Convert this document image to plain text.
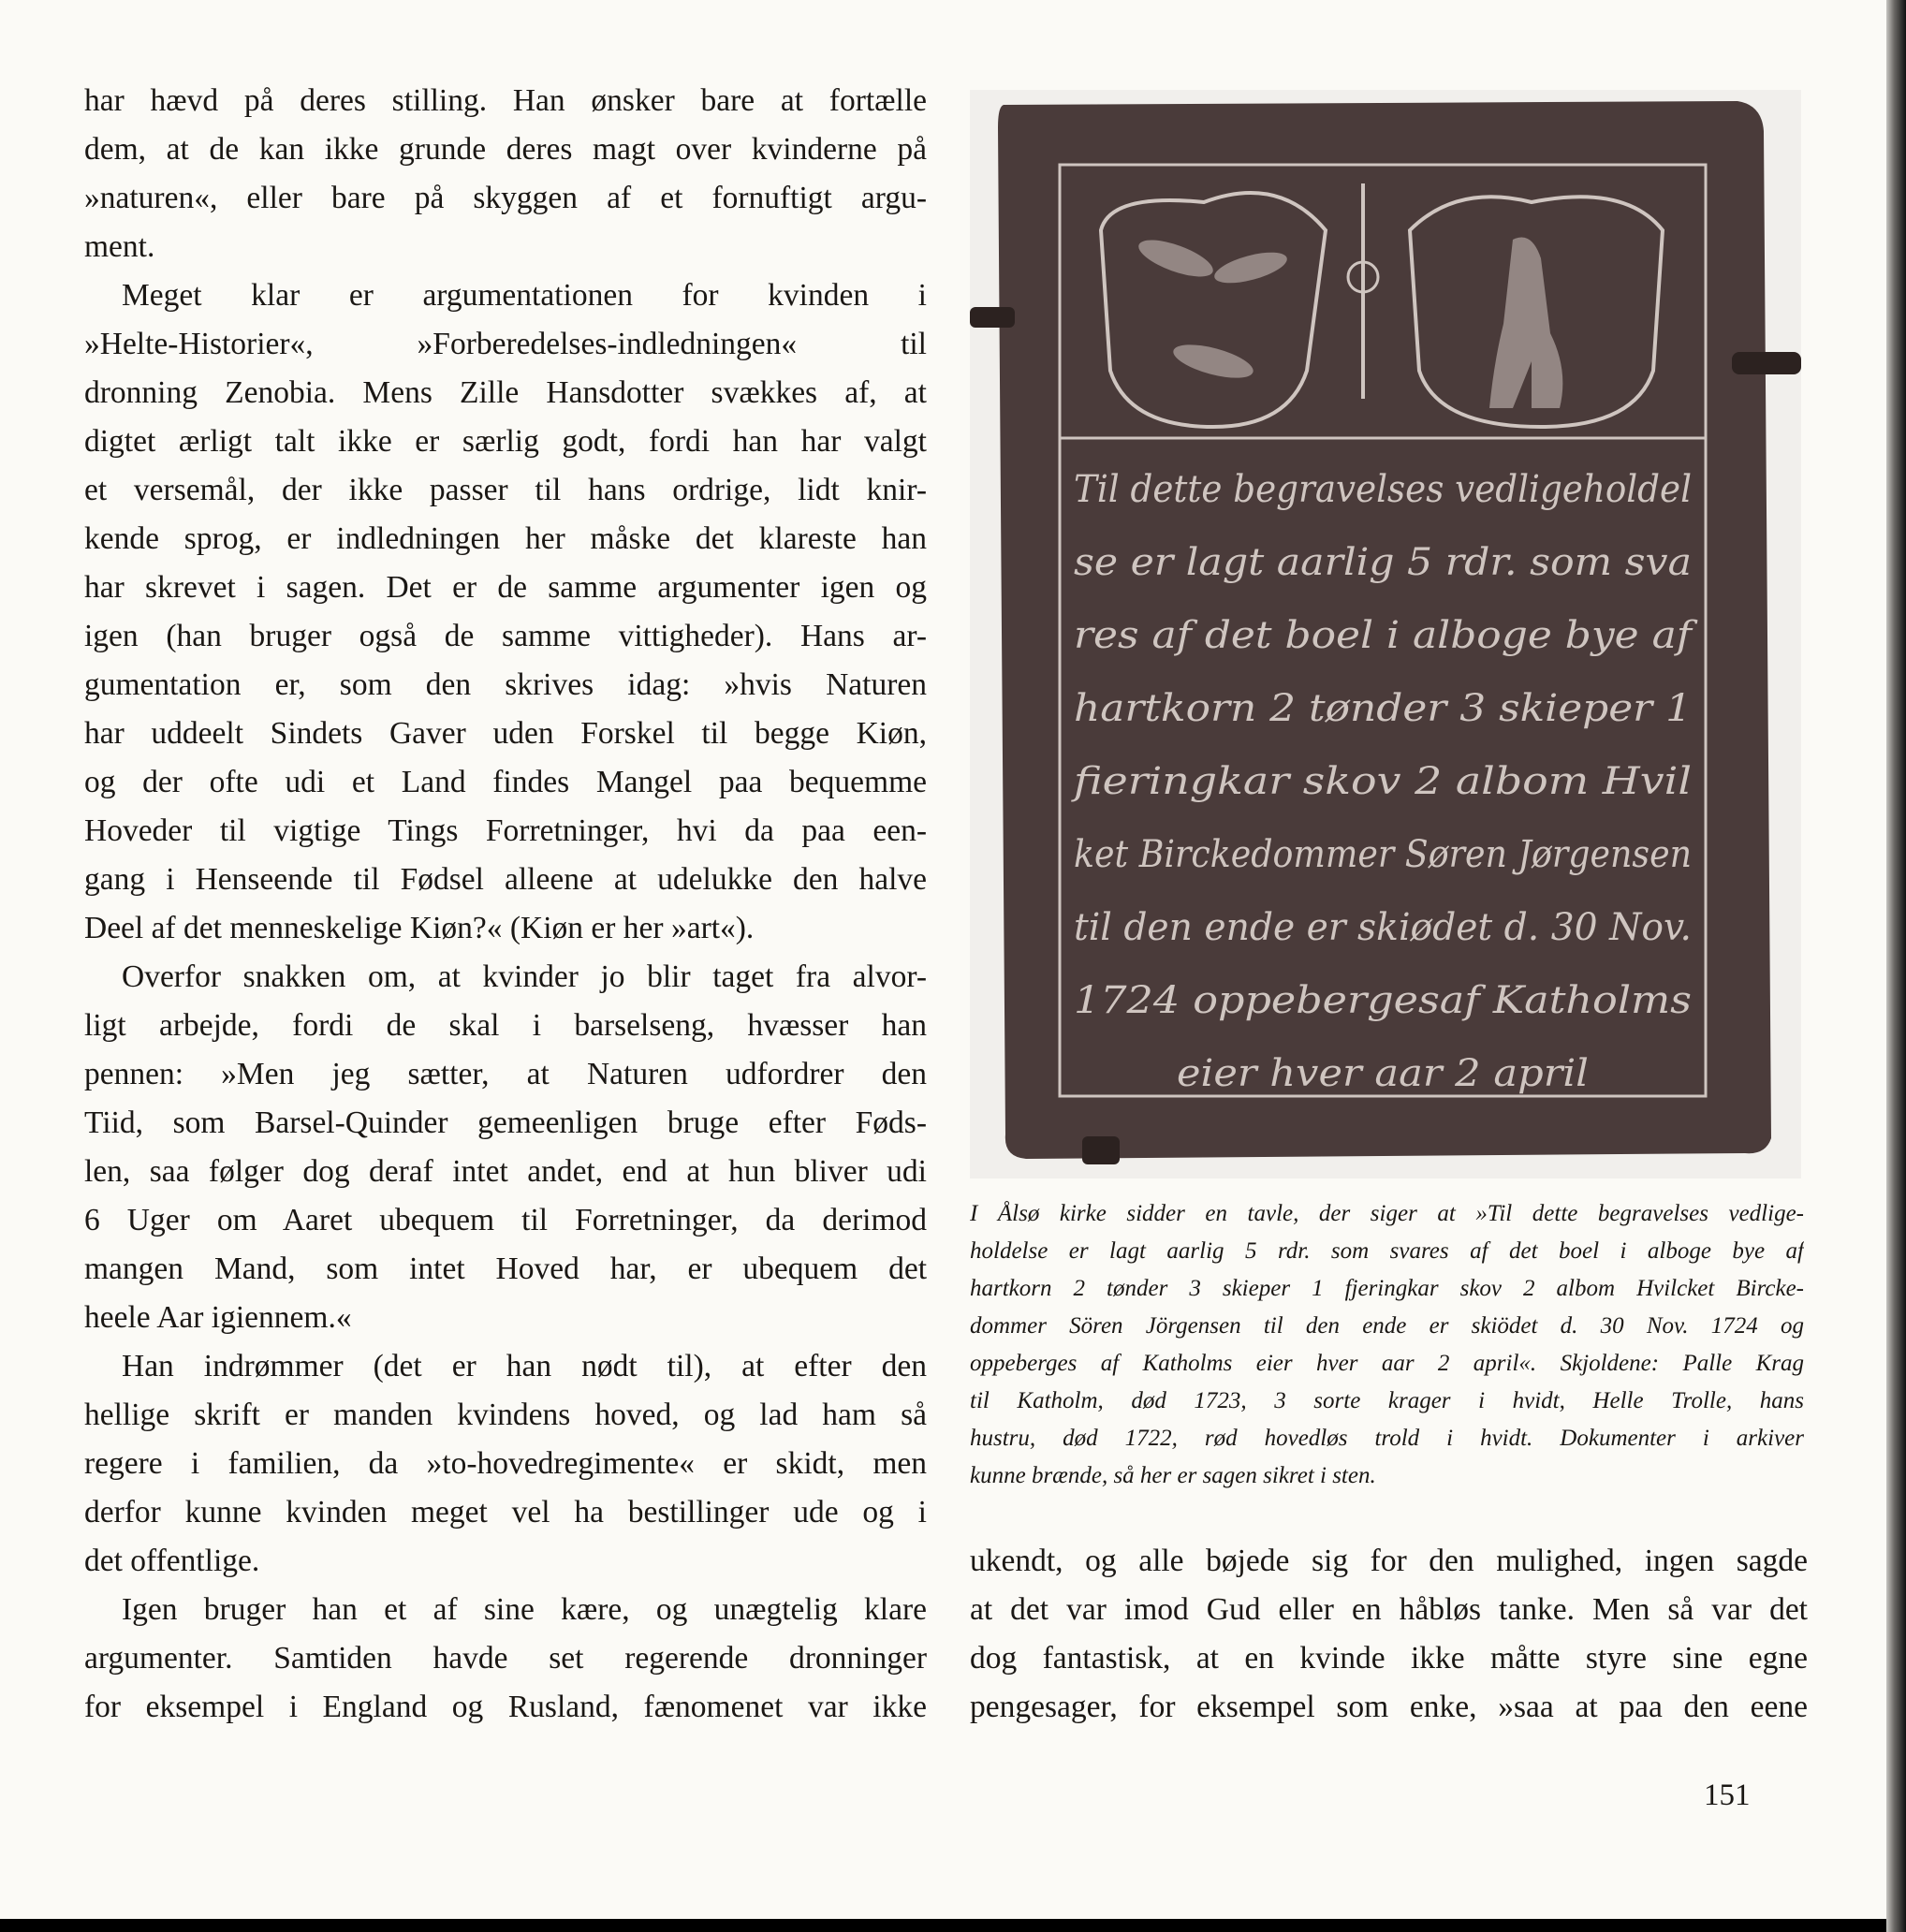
har hævd på deres stilling. Han ønsker bare at fortælle
dem, at de kan ikke grunde deres magt over kvinderne på
»naturen«, eller bare på skyggen af et fornuftigt argu-
ment.
Meget klar er argumentationen for kvinden i
»Helte-Historier«, »Forberedelses-indledningen« til
dronning Zenobia. Mens Zille Hansdotter svækkes af, at
digtet ærligt talt ikke er særlig godt, fordi han har valgt
et versemål, der ikke passer til hans ordrige, lidt knir-
kende sprog, er indledningen her måske det klareste han
har skrevet i sagen. Det er de samme argumenter igen og
igen (han bruger også de samme vittigheder). Hans ar-
gumentation er, som den skrives idag: »hvis Naturen
har uddeelt Sindets Gaver uden Forskel til begge Kiøn,
og der ofte udi et Land findes Mangel paa bequemme
Hoveder til vigtige Tings Forretninger, hvi da paa een-
gang i Henseende til Fødsel alleene at udelukke den halve
Deel af det menneskelige Kiøn?« (Kiøn er her »art«).
Overfor snakken om, at kvinder jo blir taget fra alvor-
ligt arbejde, fordi de skal i barselseng, hvæsser han
pennen: »Men jeg sætter, at Naturen udfordrer den
Tiid, som Barsel-Quinder gemeenligen bruge efter Føds-
len, saa følger dog deraf intet andet, end at hun bliver udi
6 Uger om Aaret ubequem til Forretninger, da derimod
mangen Mand, som intet Hoved har, er ubequem det
heele Aar igiennem.«
Han indrømmer (det er han nødt til), at efter den
hellige skrift er manden kvindens hoved, og lad ham så
regere i familien, da »to-hovedregimente« er skidt, men
derfor kunne kvinden meget vel ha bestillinger ude og i
det offentlige.
Igen bruger han et af sine kære, og unægtelig klare
argumenter. Samtiden havde set regerende dronninger
for eksempel i England og Rusland, fænomenet var ikke
Til dette begravelses vedligeholdel
se er lagt aarlig 5 rdr. som sva
res af det boel i alboge bye af
hartkorn 2 tønder 3 skieper 1
fieringkar skov 2 albom Hvil
ket Birckedommer Søren Jørgensen
til den ende er skiødet d. 30 Nov.
1724 oppebergesaf Katholms
eier hver aar 2 april
I Ålsø kirke sidder en tavle, der siger at »Til dette begravelses vedlige-
holdelse er lagt aarlig 5 rdr. som svares af det boel i alboge bye af
hartkorn 2 tønder 3 skieper 1 fjeringkar skov 2 albom Hvilcket Bircke-
dommer Sören Jörgensen til den ende er skiödet d. 30 Nov. 1724 og
oppeberges af Katholms eier hver aar 2 april«. Skjoldene: Palle Krag
til Katholm, død 1723, 3 sorte krager i hvidt, Helle Trolle, hans
hustru, død 1722, rød hovedløs trold i hvidt. Dokumenter i arkiver
kunne brænde, så her er sagen sikret i sten.
ukendt, og alle bøjede sig for den mulighed, ingen sagde
at det var imod Gud eller en håbløs tanke. Men så var det
dog fantastisk, at en kvinde ikke måtte styre sine egne
pengesager, for eksempel som enke, »saa at paa den eene
151
